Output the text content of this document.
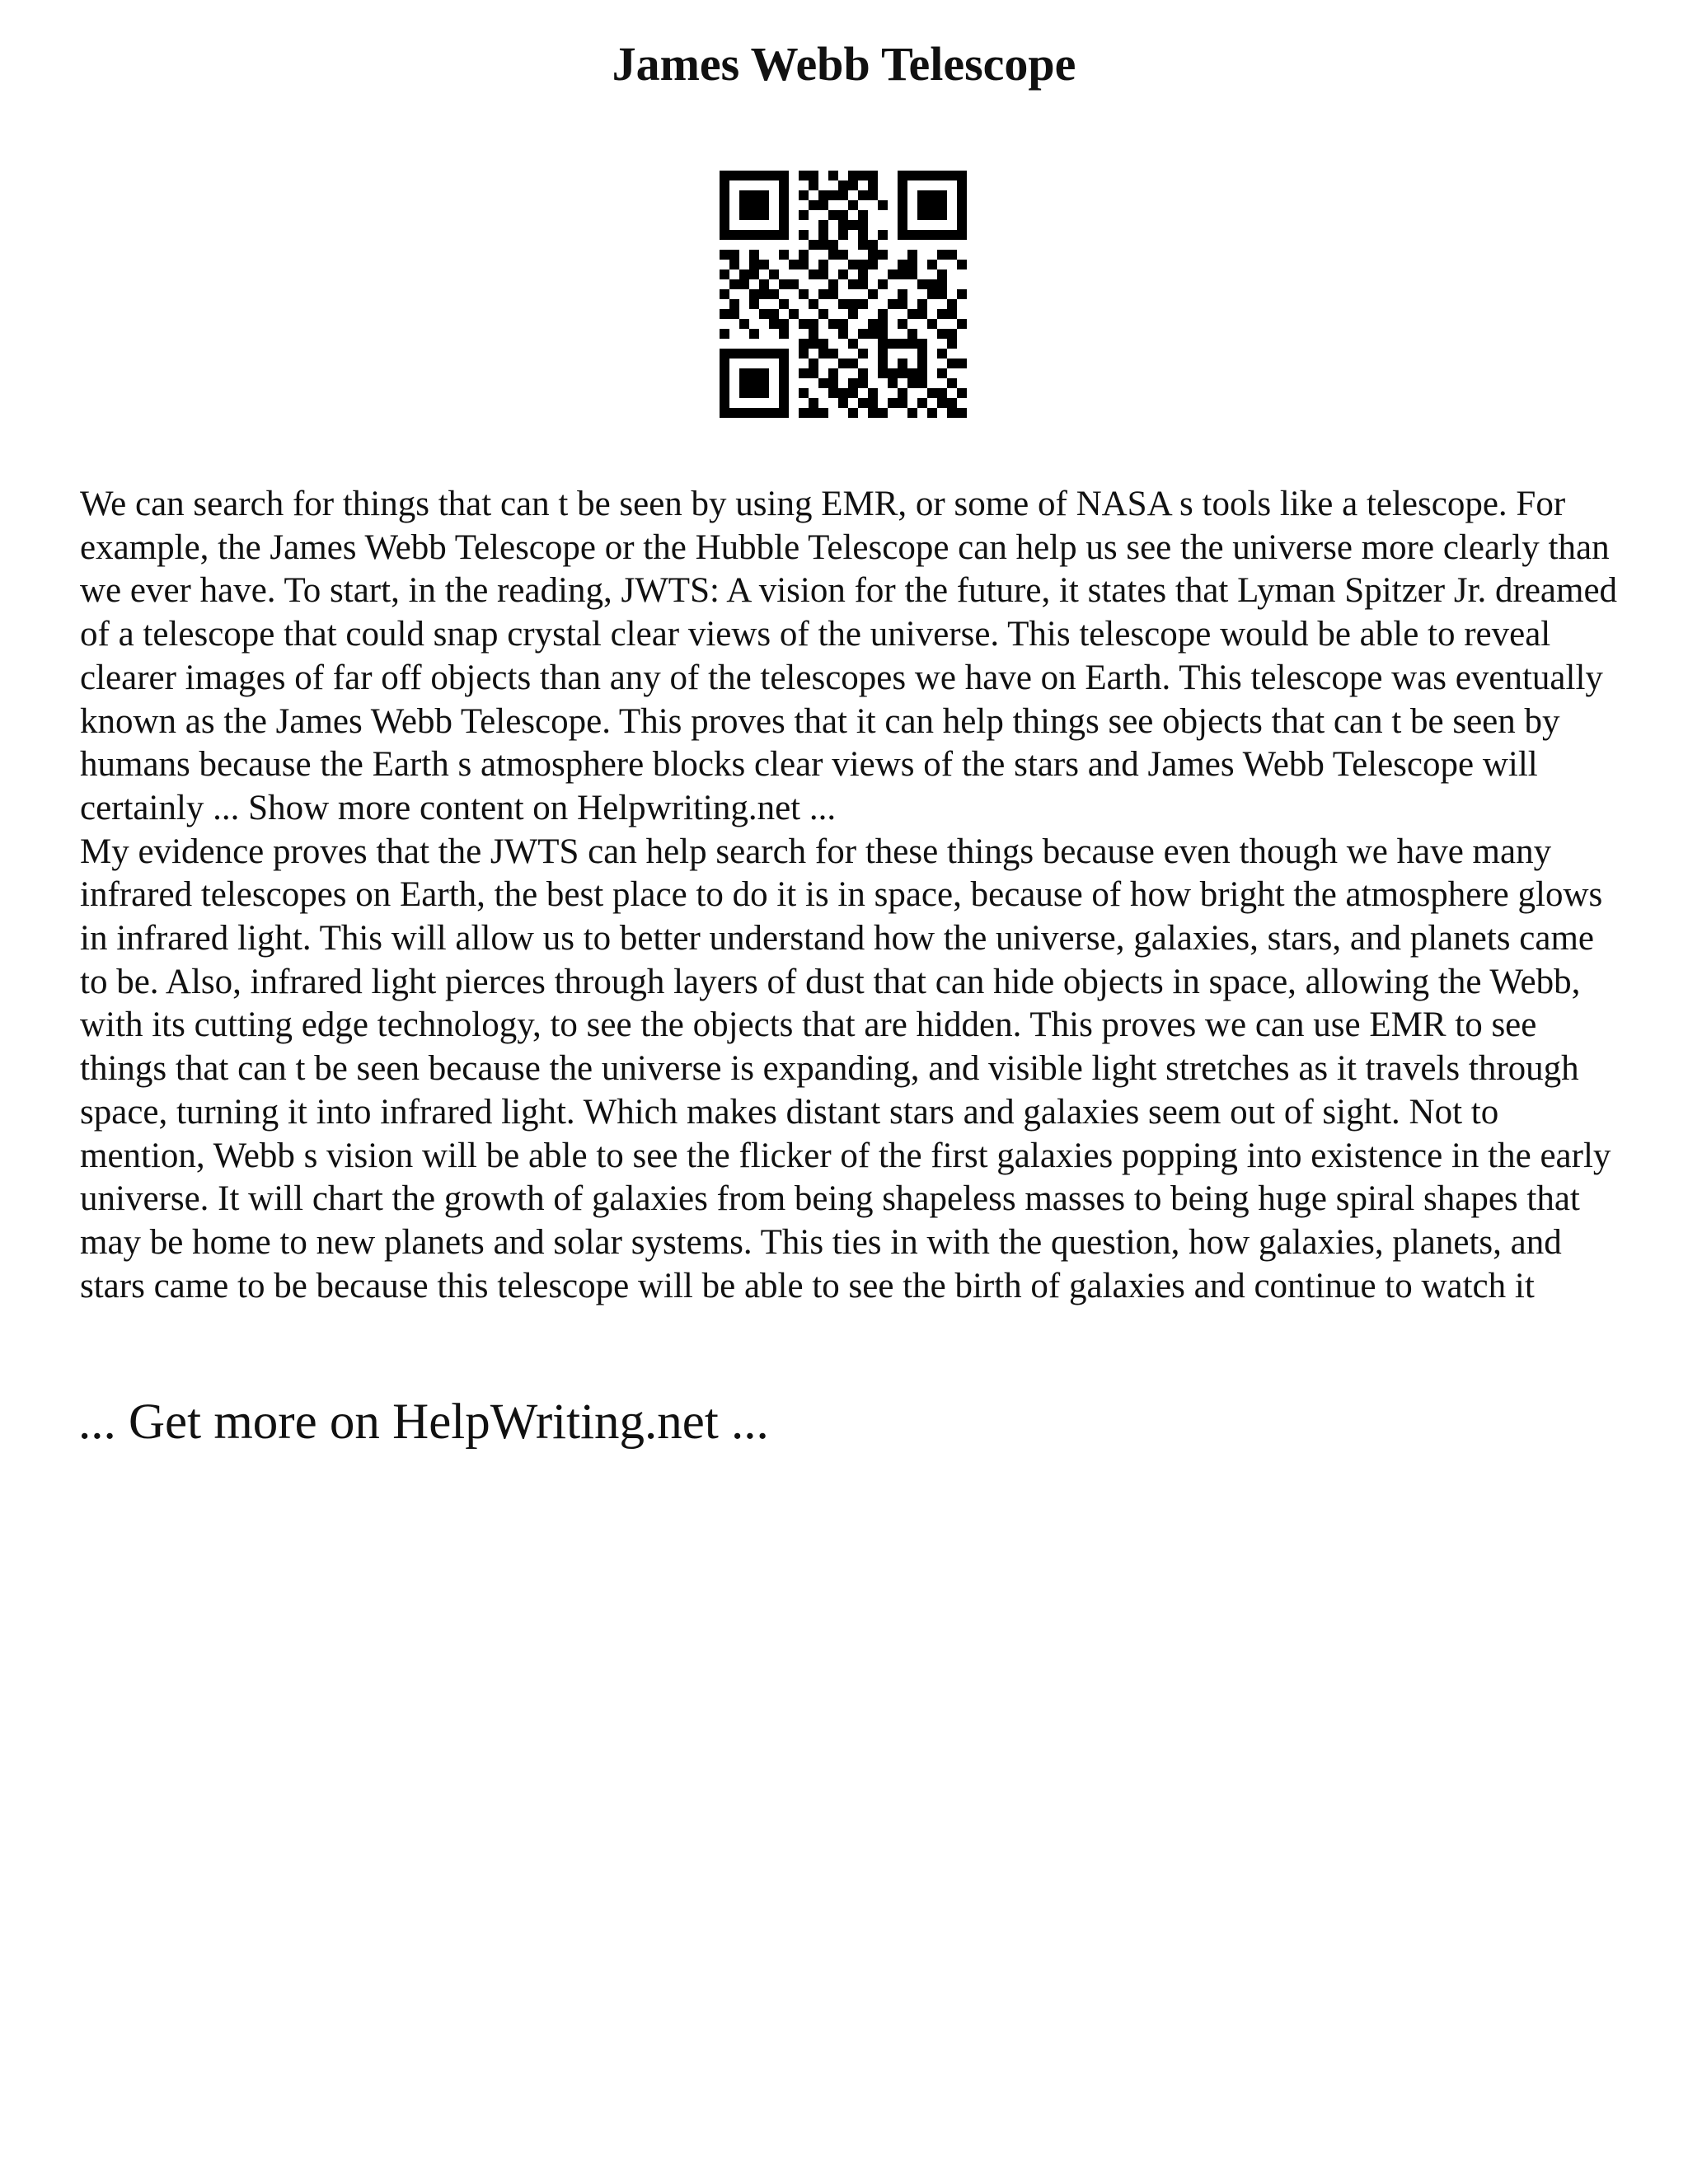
James Webb Telescope

We can search for things that can t be seen by using EMR, or some of NASA s tools like a telescope. For example, the James Webb Telescope or the Hubble Telescope can help us see the universe more clearly than we ever have. To start, in the reading, JWTS: A vision for the future, it states that Lyman Spitzer Jr. dreamed of a telescope that could snap crystal clear views of the universe. This telescope would be able to reveal clearer images of far off objects than any of the telescopes we have on Earth. This telescope was eventually known as the James Webb Telescope. This proves that it can help things see objects that can t be seen by humans because the Earth s atmosphere blocks clear views of the stars and James Webb Telescope will certainly ... Show more content on Helpwriting.net ...

My evidence proves that the JWTS can help search for these things because even though we have many infrared telescopes on Earth, the best place to do it is in space, because of how bright the atmosphere glows in infrared light. This will allow us to better understand how the universe, galaxies, stars, and planets came to be. Also, infrared light pierces through layers of dust that can hide objects in space, allowing the Webb, with its cutting edge technology, to see the objects that are hidden. This proves we can use EMR to see things that can t be seen because the universe is expanding, and visible light stretches as it travels through space, turning it into infrared light. Which makes distant stars and galaxies seem out of sight. Not to mention, Webb s vision will be able to see the flicker of the first galaxies popping into existence in the early universe. It will chart the growth of galaxies from being shapeless masses to being huge spiral shapes that may be home to new planets and solar systems. This ties in with the question, how galaxies, planets, and stars came to be because this telescope will be able to see the birth of galaxies and continue to watch it

... Get more on HelpWriting.net ...
